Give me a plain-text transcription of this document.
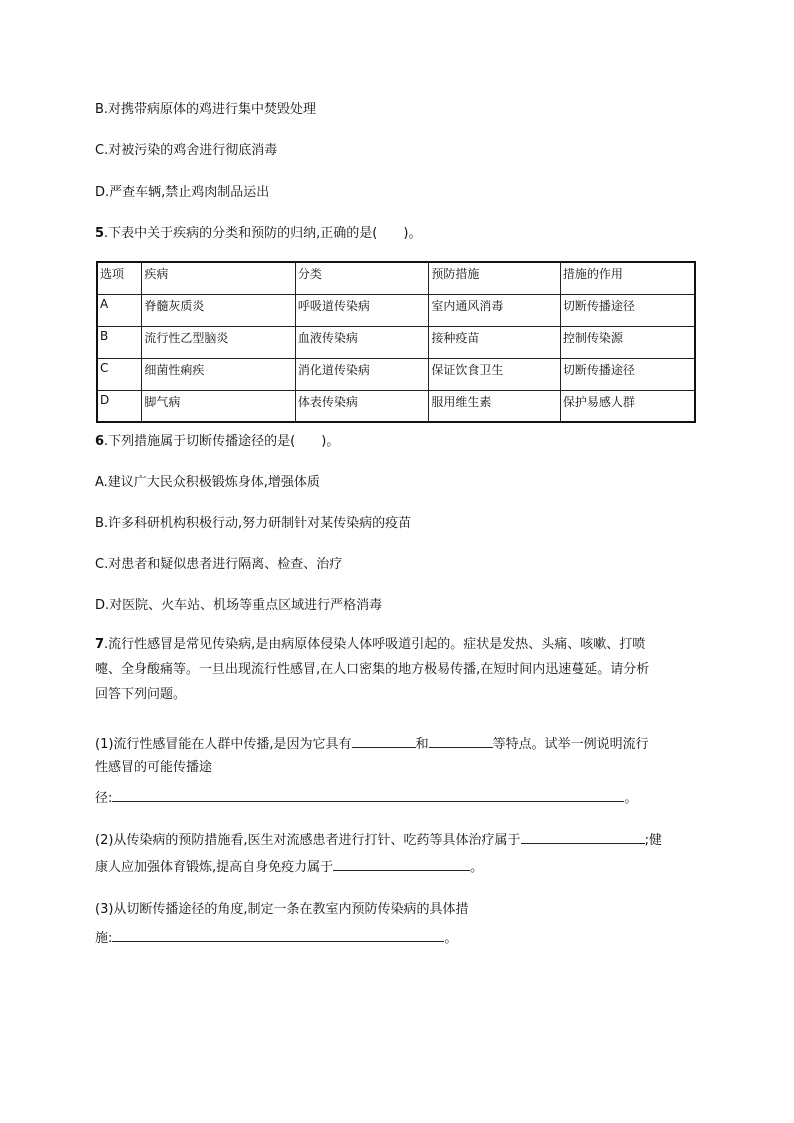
B.对携带病原体的鸡进行集中焚毁处理
C.对被污染的鸡舍进行彻底消毒
D.严查车辆,禁止鸡肉制品运出
5.下表中关于疾病的分类和预防的归纳,正确的是(　　)。
选项	疾病	分类	预防措施	措施的作用
A	脊髓灰质炎	呼吸道传染病	室内通风消毒	切断传播途径
B	流行性乙型脑炎	血液传染病	接种疫苗	控制传染源
C	细菌性痢疾	消化道传染病	保证饮食卫生	切断传播途径
D	脚气病	体表传染病	服用维生素	保护易感人群
6.下列措施属于切断传播途径的是(　　)。
A.建议广大民众积极锻炼身体,增强体质
B.许多科研机构积极行动,努力研制针对某传染病的疫苗
C.对患者和疑似患者进行隔离、检查、治疗
D.对医院、火车站、机场等重点区域进行严格消毒
7.流行性感冒是常见传染病,是由病原体侵染人体呼吸道引起的。症状是发热、头痛、咳嗽、打喷
嚏、全身酸痛等。一旦出现流行性感冒,在人口密集的地方极易传播,在短时间内迅速蔓延。请分析
回答下列问题。
(1)流行性感冒能在人群中传播,是因为它具有	和	等特点。试举一例说明流行
性感冒的可能传播途
径:	。
(2)从传染病的预防措施看,医生对流感患者进行打针、吃药等具体治疗属于	;健
康人应加强体育锻炼,提高自身免疫力属于	。
(3)从切断传播途径的角度,制定一条在教室内预防传染病的具体措
施:	。
